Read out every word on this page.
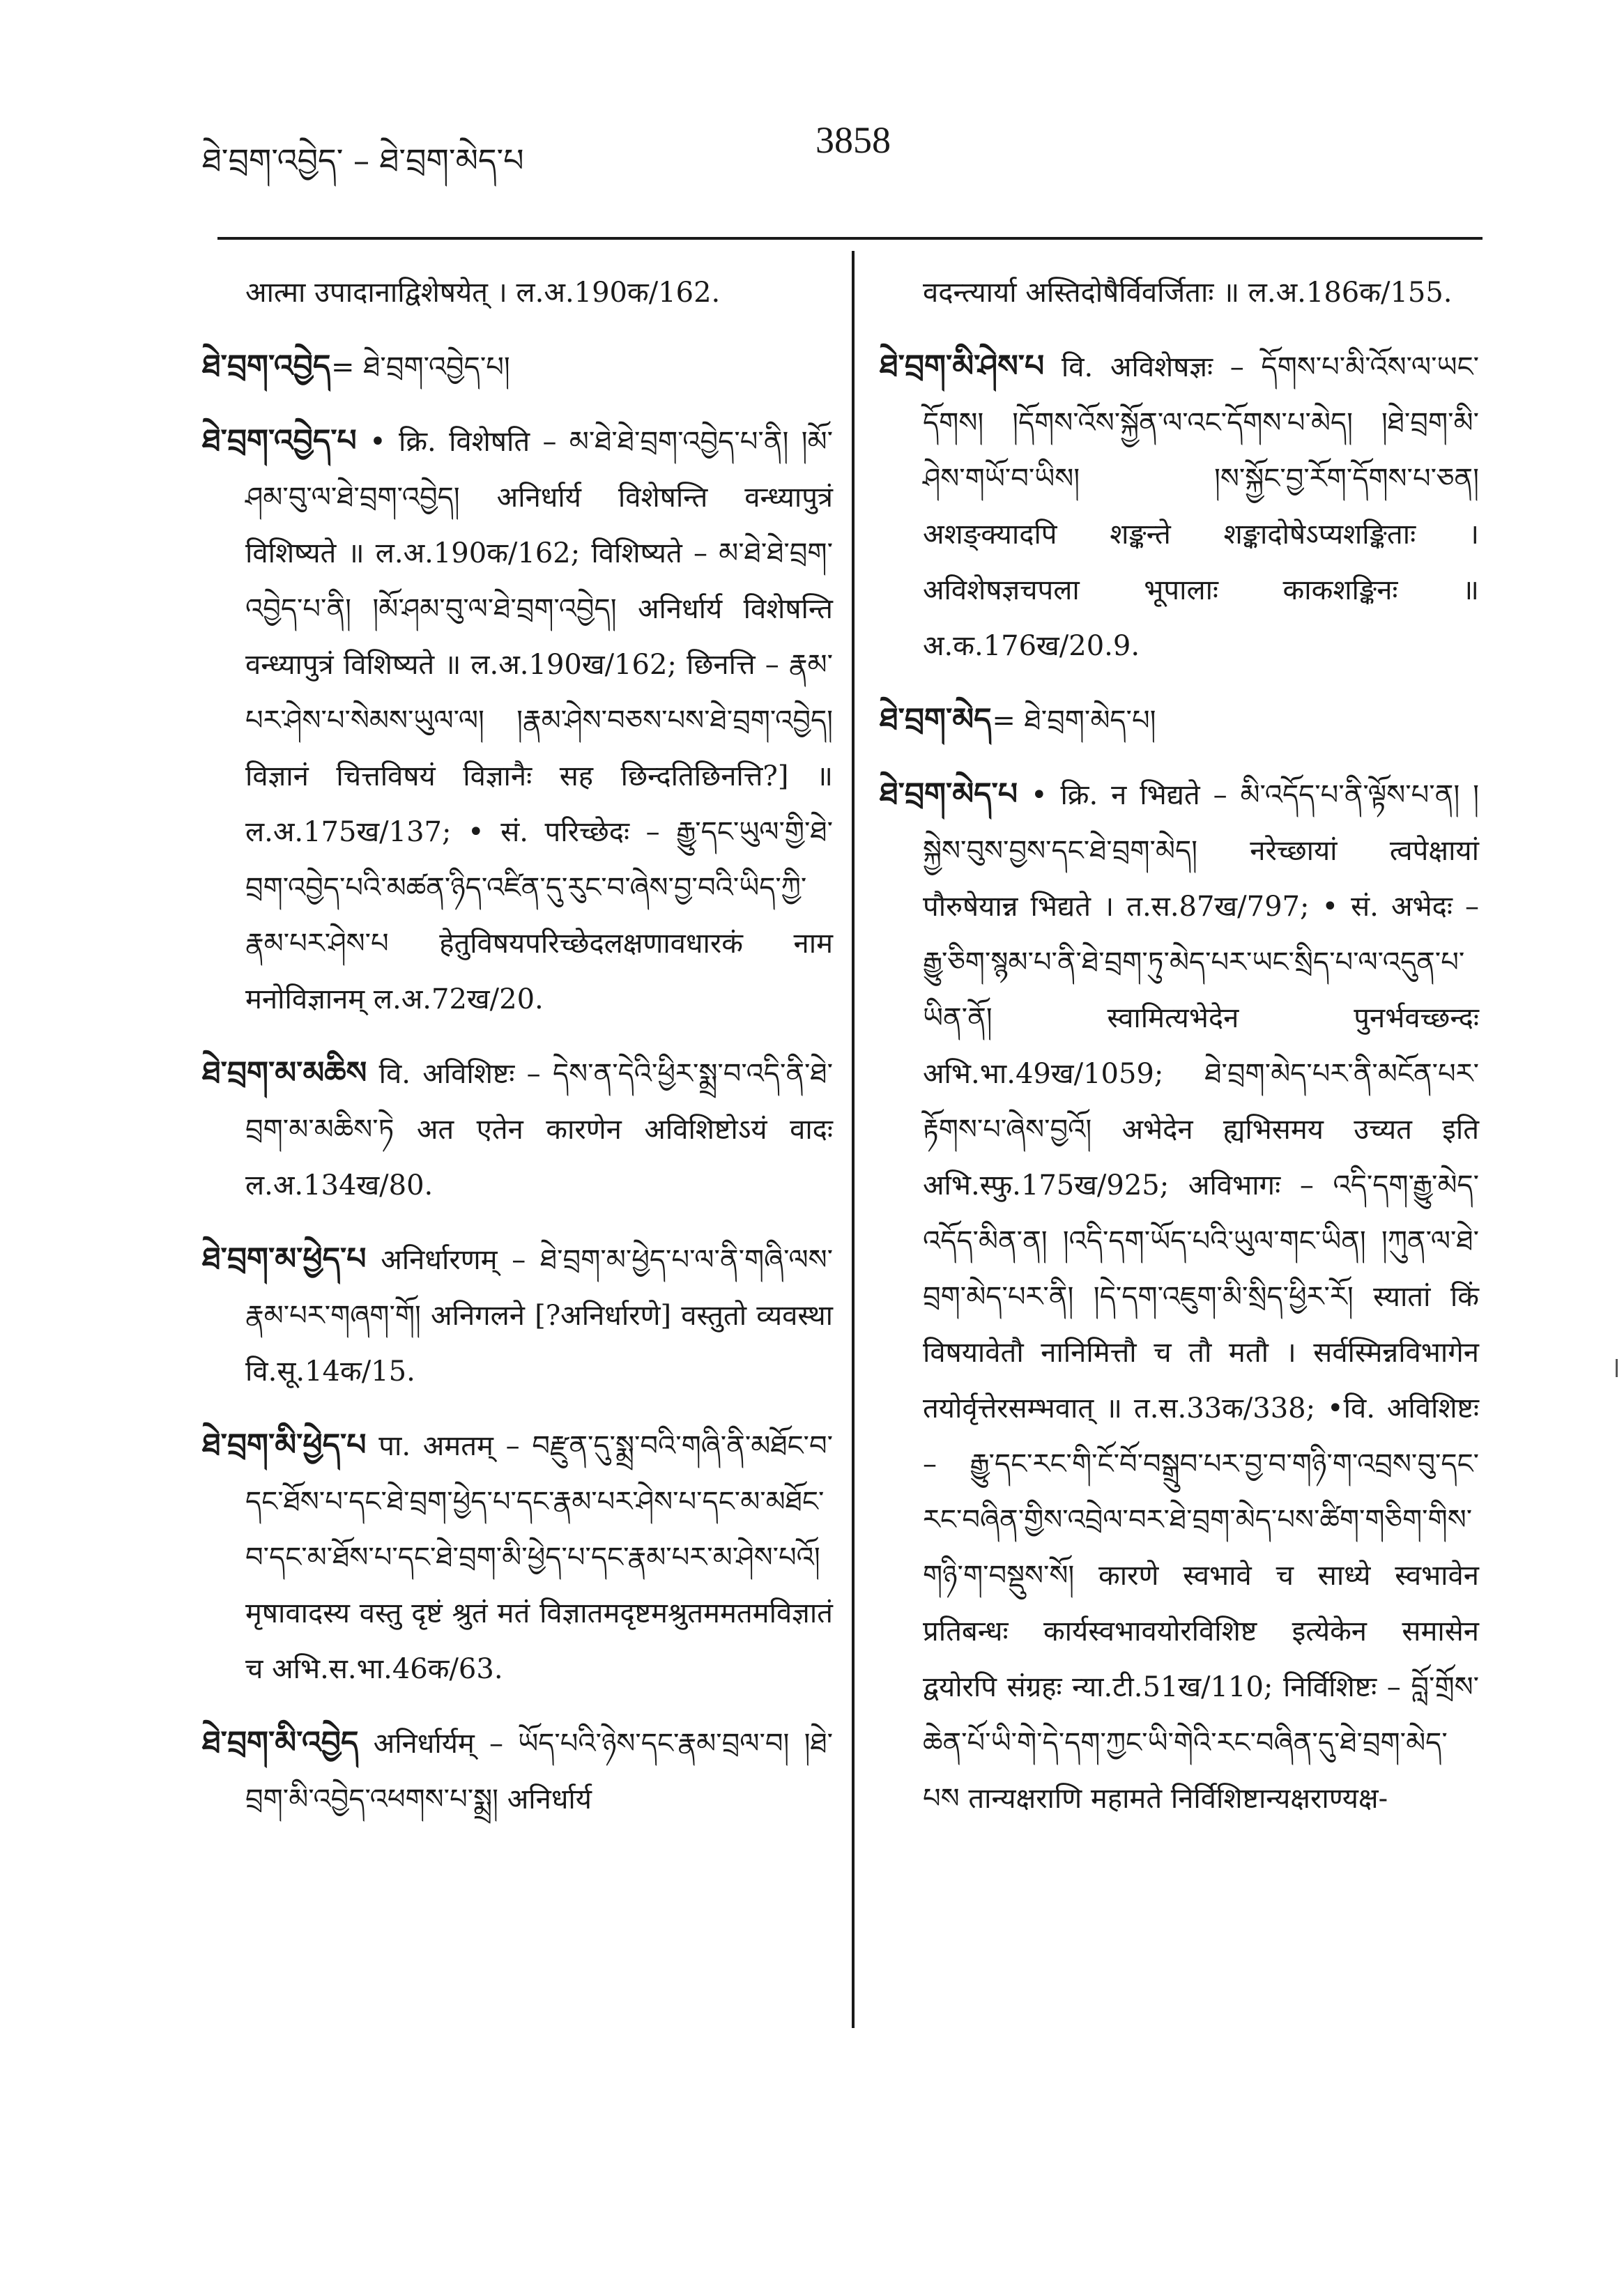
ཐེ་བྲག་འབྱེད་ – ཐེ་བྲག་མེད་པ	3858

आत्मा उपादानाद्विशेषयेत् । ल.अ.190क/162.

ཐེ་བྲག་འབྱེད = ཐེ་བྲག་འབྱེད་པ།

ཐེ་བྲག་འབྱེད་པ • क्रि. विशेषति – མ་ཐེ་ཐེ་བྲག་འབྱེད་པ་ནི། །མོ་ཤམ་བུ་ལ་ཐེ་བྲག་འབྱེད། अनिर्धार्य विशेषन्ति वन्ध्यापुत्रं विशिष्यते ॥ ल.अ.190क/162; विशिष्यते – མ་ཐེ་ཐེ་བྲག་འབྱེད་པ་ནི། །མོ་ཤམ་བུ་ལ་ཐེ་བྲག་འབྱེད། अनिर्धार्य विशेषन्ति वन्ध्यापुत्रं विशिष्यते ॥ ल.अ.190ख/162; छिनत्ति – རྣམ་པར་ཤེས་པ་སེམས་ཡུལ་ལ། །རྣམ་ཤེས་བཅས་པས་ཐེ་བྲག་འབྱེད། विज्ञानं चित्तविषयं विज्ञानैः सह छिन्दतिछिनत्ति?] ॥ ल.अ.175ख/137; • सं. परिच्छेदः – རྒྱུ་དང་ཡུལ་གྱི་ཐེ་བྲག་འབྱེད་པའི་མཚན་ཉིད་འཛིན་དུ་རུང་བ་ཞེས་བྱ་བའི་ཡིད་ཀྱི་རྣམ་པར་ཤེས་པ हेतुविषयपरिच्छेदलक्षणावधारकं नाम मनोविज्ञानम् ल.अ.72ख/20.

ཐེ་བྲག་མ་མཆིས वि. अविशिष्टः – དེས་ན་དེའི་ཕྱིར་སྨྲ་བ་འདི་ནི་ཐེ་བྲག་མ་མཆིས་ཏེ अत एतेन कारणेन अविशिष्टोऽयं वादः ल.अ.134ख/80.

ཐེ་བྲག་མ་ཕྱེད་པ अनिर्धारणम् – ཐེ་བྲག་མ་ཕྱེད་པ་ལ་ནི་གཞི་ལས་རྣམ་པར་གཞག་གོ། अनिगलने [?अनिर्धारणे] वस्तुतो व्यवस्था वि.सू.14क/15.

ཐེ་བྲག་མི་ཕྱེད་པ पा. अमतम् – བརྫུན་དུ་སྨྲ་བའི་གཞི་ནི་མཐོང་བ་དང་ཐོས་པ་དང་ཐེ་བྲག་ཕྱེད་པ་དང་རྣམ་པར་ཤེས་པ་དང་མ་མཐོང་བ་དང་མ་ཐོས་པ་དང་ཐེ་བྲག་མི་ཕྱེད་པ་དང་རྣམ་པར་མ་ཤེས་པའོ། मृषावादस्य वस्तु दृष्टं श्रुतं मतं विज्ञातमदृष्टमश्रुतममतमविज्ञातं च अभि.स.भा.46क/63.

ཐེ་བྲག་མི་འབྱེད अनिर्धार्यम् – ཡོད་པའི་ཉེས་དང་རྣམ་བྲལ་བ། །ཐེ་བྲག་མི་འབྱེད་འཕགས་པ་སྨྲ། अनिर्धार्य

वदन्त्यार्या अस्तिदोषैर्विवर्जिताः ॥ ल.अ.186क/155.

ཐེ་བྲག་མི་ཤེས་པ वि. अविशेषज्ञः – དོགས་པ་མི་འོས་ལ་ཡང་དོགས། །དོགས་འོས་སྐྱོན་ལ་འང་དོགས་པ་མེད། །ཐེ་བྲག་མི་ཤེས་གཡོ་བ་ཡིས། །ས་སྐྱོང་བྱ་རོག་དོགས་པ་ཅན། अशङ्क्यादपि शङ्कन्ते शङ्कादोषेऽप्यशङ्किताः । अविशेषज्ञचपला भूपालाः काकशङ्किनः ॥ अ.क.176ख/20.9.

ཐེ་བྲག་མེད = ཐེ་བྲག་མེད་པ།

ཐེ་བྲག་མེད་པ • क्रि. न भिद्यते – མི་འདོད་པ་ནི་ལྟོས་པ་ན། །སྐྱེས་བུས་བྱས་དང་ཐེ་བྲག་མེད། नरेच्छायां त्वपेक्षायां पौरुषेयान्न भिद्यते । त.स.87ख/797; • सं. अभेदः – རྒྱུ་ཅིག་སྙམ་པ་ནི་ཐེ་བྲག་ཏུ་མེད་པར་ཡང་སྲིད་པ་ལ་འདུན་པ་ཡིན་ནོ། स्वामित्यभेदेन पुनर्भवच्छन्दः अभि.भा.49ख/1059; ཐེ་བྲག་མེད་པར་ནི་མངོན་པར་རྟོགས་པ་ཞེས་བྱའོ། अभेदेन ह्यभिसमय उच्यत इति अभि.स्फु.175ख/925; अविभागः – འདི་དག་རྒྱུ་མེད་འདོད་མིན་ན། །འདི་དག་ཡོད་པའི་ཡུལ་གང་ཡིན། །ཀུན་ལ་ཐེ་བྲག་མེད་པར་ནི། །དེ་དག་འཇུག་མི་སྲིད་ཕྱིར་རོ། स्यातां किं विषयावेतौ नानिमित्तौ च तौ मतौ । सर्वस्मिन्नविभागेन तयोर्वृत्तेरसम्भवात् ॥ त.स.33क/338; •वि. अविशिष्टः – རྒྱུ་དང་རང་གི་ངོ་བོ་བསྒྲུབ་པར་བྱ་བ་གཉི་ག་འབྲས་བུ་དང་རང་བཞིན་གྱིས་འབྲེལ་བར་ཐེ་བྲག་མེད་པས་ཚིག་གཅིག་གིས་གཉི་ག་བསྡུས་སོ། कारणे स्वभावे च साध्ये स्वभावेन प्रतिबन्धः कार्यस्वभावयोरविशिष्ट इत्येकेन समासेन द्वयोरपि संग्रहः न्या.टी.51ख/110; निर्विशिष्टः – བློ་གྲོས་ཆེན་པོ་ཡི་གེ་དེ་དག་ཀྱང་ཡི་གེའི་རང་བཞིན་དུ་ཐེ་བྲག་མེད་པས तान्यक्षराणि महामते निर्विशिष्टान्यक्षराण्यक्ष-
